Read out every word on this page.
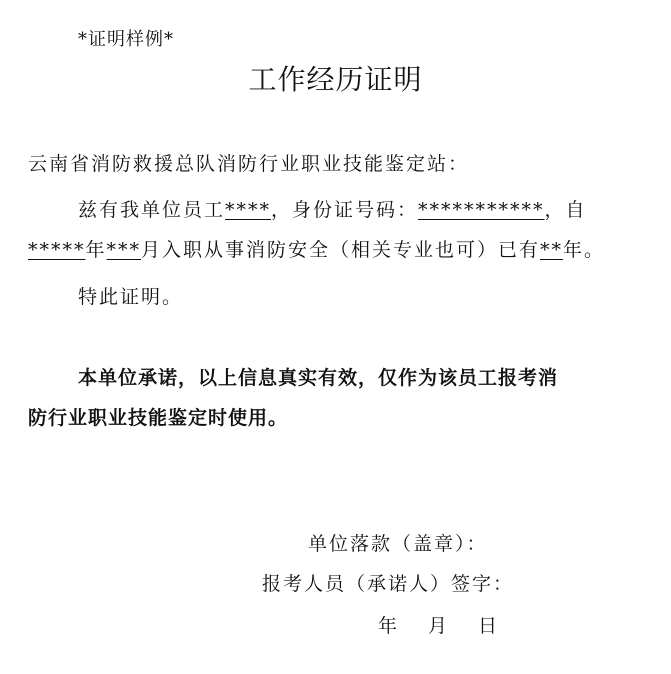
*证明样例*
工作经历证明
云南省消防救援总队消防行业职业技能鉴定站：
兹有我单位员工****，身份证号码：***********，自
*****年***月入职从事消防安全（相关专业也可）已有**年。
特此证明。
本单位承诺，以上信息真实有效，仅作为该员工报考消
防行业职业技能鉴定时使用。
单位落款（盖章）：
报考人员（承诺人）签字：
年　月　日
